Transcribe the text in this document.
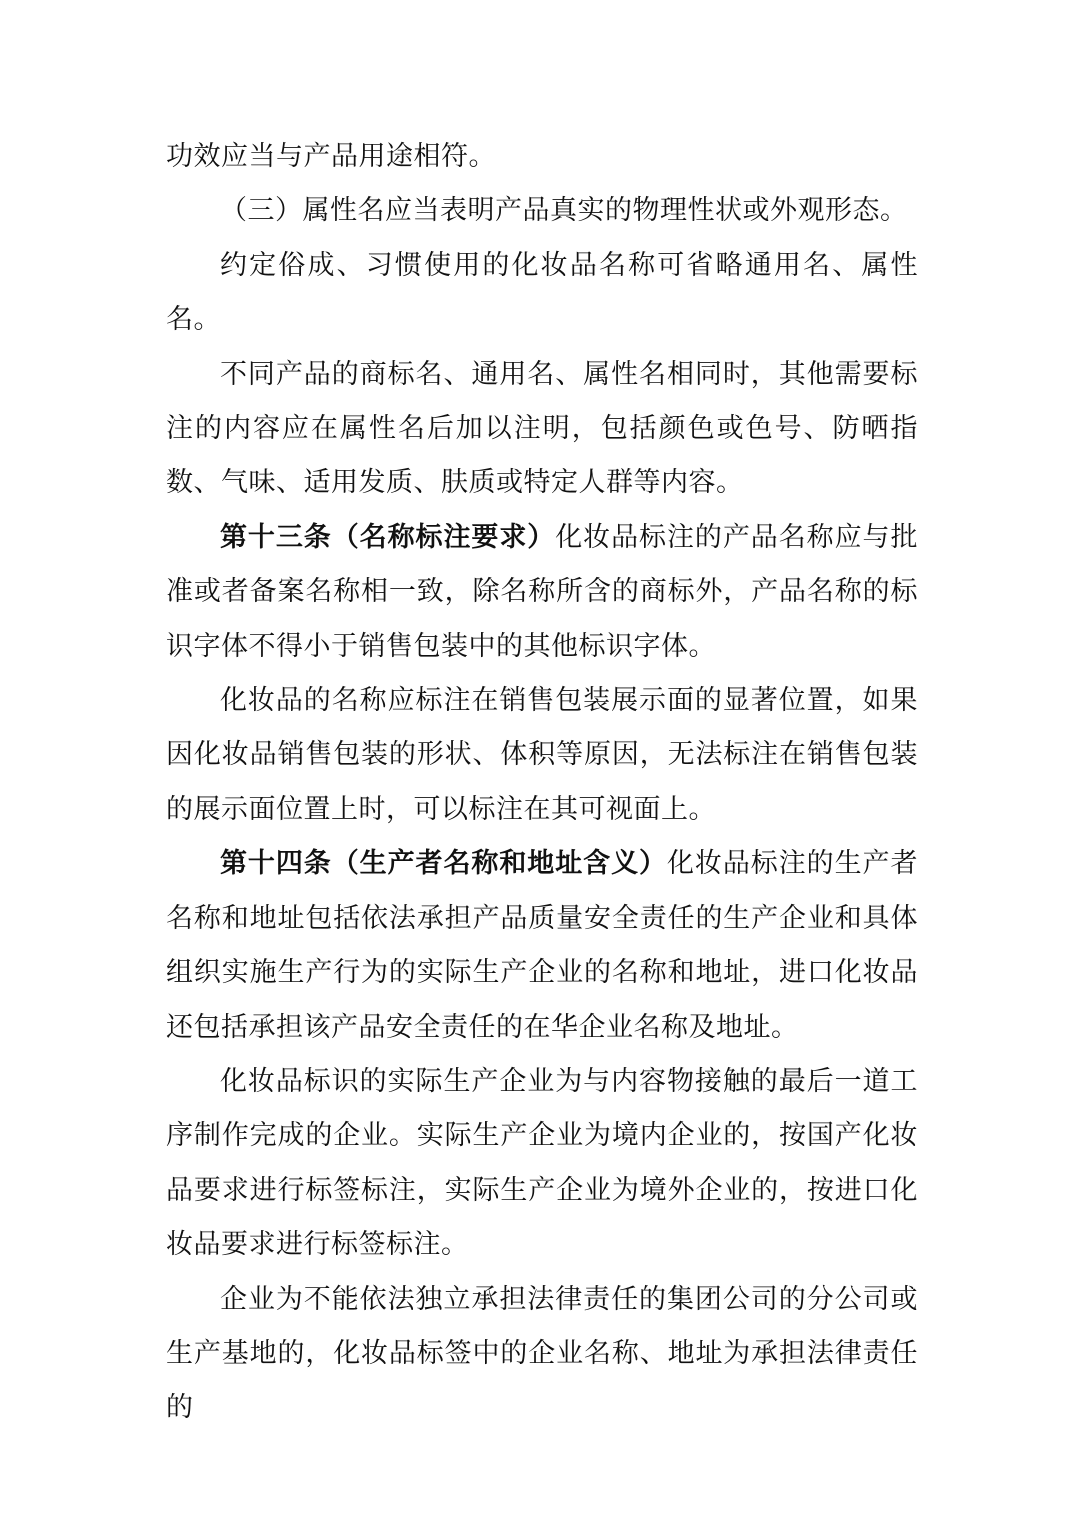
功效应当与产品用途相符。

（三）属性名应当表明产品真实的物理性状或外观形态。

约定俗成、习惯使用的化妆品名称可省略通用名、属性名。

不同产品的商标名、通用名、属性名相同时，其他需要标注的内容应在属性名后加以注明，包括颜色或色号、防晒指数、气味、适用发质、肤质或特定人群等内容。

第十三条（名称标注要求）化妆品标注的产品名称应与批准或者备案名称相一致，除名称所含的商标外，产品名称的标识字体不得小于销售包装中的其他标识字体。

化妆品的名称应标注在销售包装展示面的显著位置，如果因化妆品销售包装的形状、体积等原因，无法标注在销售包装的展示面位置上时，可以标注在其可视面上。

第十四条（生产者名称和地址含义）化妆品标注的生产者名称和地址包括依法承担产品质量安全责任的生产企业和具体组织实施生产行为的实际生产企业的名称和地址，进口化妆品还包括承担该产品安全责任的在华企业名称及地址。

化妆品标识的实际生产企业为与内容物接触的最后一道工序制作完成的企业。实际生产企业为境内企业的，按国产化妆品要求进行标签标注，实际生产企业为境外企业的，按进口化妆品要求进行标签标注。

企业为不能依法独立承担法律责任的集团公司的分公司或生产基地的，化妆品标签中的企业名称、地址为承担法律责任的
